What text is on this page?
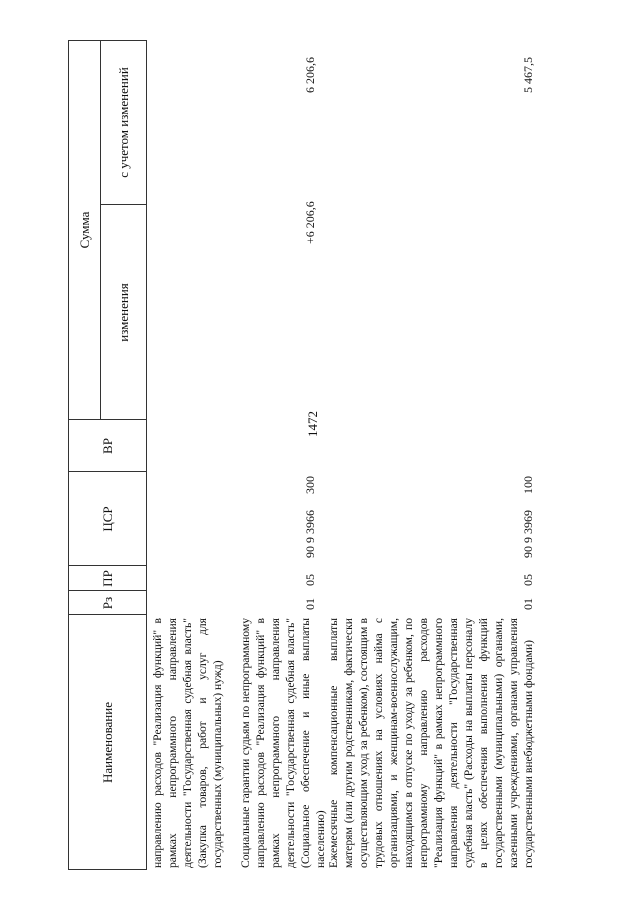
1472
Наименование
Рз
ПР
ЦСР
ВР
Сумма
изменения
с учетом изменений

направлению расходов "Реализация функций" в рамках непрограммного направления деятельности "Государственная судебная власть" (Закупка товаров, работ и услуг для государственных (муниципальных) нужд) Социальные гарантии судьям по непрограммному направлению расходов "Реализация функций" в рамках непрограммного направления деятельности "Государственная судебная власть" (Социальное обеспечение и иные выплаты населению)

01
05
90 9 3966
300
+6 206,6
6 206,6

Ежемесячные компенсационные выплаты матерям (или другим родственникам, фактически осуществляющим уход за ребенком), состоящим в трудовых отношениях на условиях найма с организациями, и женщинам-военнослужащим, находящимся в отпуске по уходу за ребенком, по непрограммному направлению расходов "Реализация функций" в рамках непрограммного направления деятельности "Государственная судебная власть" (Расходы на выплаты персоналу в целях обеспечения выполнения функций государственными (муниципальными) органами, казенными учреждениями, органами управления государственными внебюджетными фондами)

01
05
90 9 3969
100
5 467,5
